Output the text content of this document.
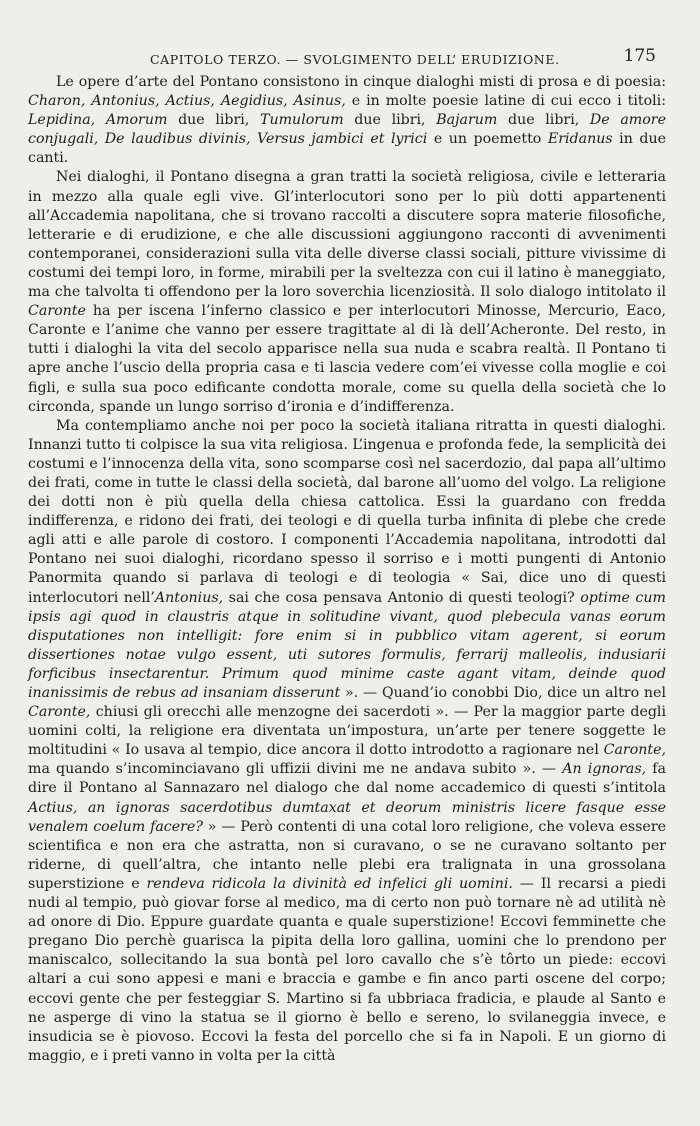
CAPITOLO TERZO. — SVOLGIMENTO DELL’ ERUDIZIONE.	175

Le opere d’arte del Pontano consistono in cinque dialoghi misti di prosa e di poesia: Charon, Antonius, Actius, Aegidius, Asinus, e in molte poesie latine di cui ecco i titoli: Lepidina, Amorum due libri, Tumulorum due libri, Bajarum due libri, De amore conjugali, De laudibus divinis, Versus jambici et lyrici e un poemetto Eridanus in due canti.

Nei dialoghi, il Pontano disegna a gran tratti la società religiosa, civile e letteraria in mezzo alla quale egli vive. Gl’interlocutori sono per lo più dotti appartenenti all’Accademia napolitana, che si trovano raccolti a discutere sopra materie filosofiche, letterarie e di erudizione, e che alle discussioni aggiungono racconti di avvenimenti contemporanei, considerazioni sulla vita delle diverse classi sociali, pitture vivissime di costumi dei tempi loro, in forme, mirabili per la sveltezza con cui il latino è maneggiato, ma che talvolta ti offendono per la loro soverchia licenziosità. Il solo dialogo intitolato il Caronte ha per iscena l’inferno classico e per interlocutori Minosse, Mercurio, Eaco, Caronte e l’anime che vanno per essere tragittate al di là dell’Acheronte. Del resto, in tutti i dialoghi la vita del secolo apparisce nella sua nuda e scabra realtà. Il Pontano ti apre anche l’uscio della propria casa e ti lascia vedere com’ei vivesse colla moglie e coi figli, e sulla sua poco edificante condotta morale, come su quella della società che lo circonda, spande un lungo sorriso d’ironia e d’indifferenza.

Ma contempliamo anche noi per poco la società italiana ritratta in questi dialoghi. Innanzi tutto ti colpisce la sua vita religiosa. L’ingenua e profonda fede, la semplicità dei costumi e l’innocenza della vita, sono scomparse così nel sacerdozio, dal papa all’ultimo dei frati, come in tutte le classi della società, dal barone all’uomo del volgo. La religione dei dotti non è più quella della chiesa cattolica. Essi la guardano con fredda indifferenza, e ridono dei frati, dei teologi e di quella turba infinita di plebe che crede agli atti e alle parole di costoro. I componenti l’Accademia napolitana, introdotti dal Pontano nei suoi dialoghi, ricordano spesso il sorriso e i motti pungenti di Antonio Panormita quando si parlava di teologi e di teologia « Sai, dice uno di questi interlocutori nell’Antonius, sai che cosa pensava Antonio di questi teologi? optime cum ipsis agi quod in claustris atque in solitudine vivant, quod plebecula vanas eorum disputationes non intelligit: fore enim si in pubblico vitam agerent, si eorum dissertiones notae vulgo essent, uti sutores formulis, ferrarij malleolis, indusiarii forficibus insectarentur. Primum quod minime caste agant vitam, deinde quod inanissimis de rebus ad insaniam disserunt ». — Quand’io conobbi Dio, dice un altro nel Caronte, chiusi gli orecchi alle menzogne dei sacerdoti ». — Per la maggior parte degli uomini colti, la religione era diventata un’impostura, un’arte per tenere soggette le moltitudini « Io usava al tempio, dice ancora il dotto introdotto a ragionare nel Caronte, ma quando s’incominciavano gli uffizii divini me ne andava subito ». — An ignoras, fa dire il Pontano al Sannazaro nel dialogo che dal nome accademico di questi s’intitola Actius, an ignoras sacerdotibus dumtaxat et deorum ministris licere fasque esse venalem coelum facere? » — Però contenti di una cotal loro religione, che voleva essere scientifica e non era che astratta, non si curavano, o se ne curavano soltanto per riderne, di quell’altra, che intanto nelle plebi era tralignata in una grossolana superstizione e rendeva ridicola la divinità ed infelici gli uomini. — Il recarsi a piedi nudi al tempio, può giovar forse al medico, ma di certo non può tornare nè ad utilità nè ad onore di Dio. Eppure guardate quanta e quale superstizione! Eccovi femminette che pregano Dio perchè guarisca la pipita della loro gallina, uomini che lo prendono per maniscalco, sollecitando la sua bontà pel loro cavallo che s’è tôrto un piede: eccovi altari a cui sono appesi e mani e braccia e gambe e fin anco parti oscene del corpo; eccovi gente che per festeggiar S. Martino si fa ubbriaca fradicia, e plaude al Santo e ne asperge di vino la statua se il giorno è bello e sereno, lo svilaneggia invece, e insudicia se è piovoso. Eccovi la festa del porcello che si fa in Napoli. E un giorno di maggio, e i preti vanno in volta per la città
